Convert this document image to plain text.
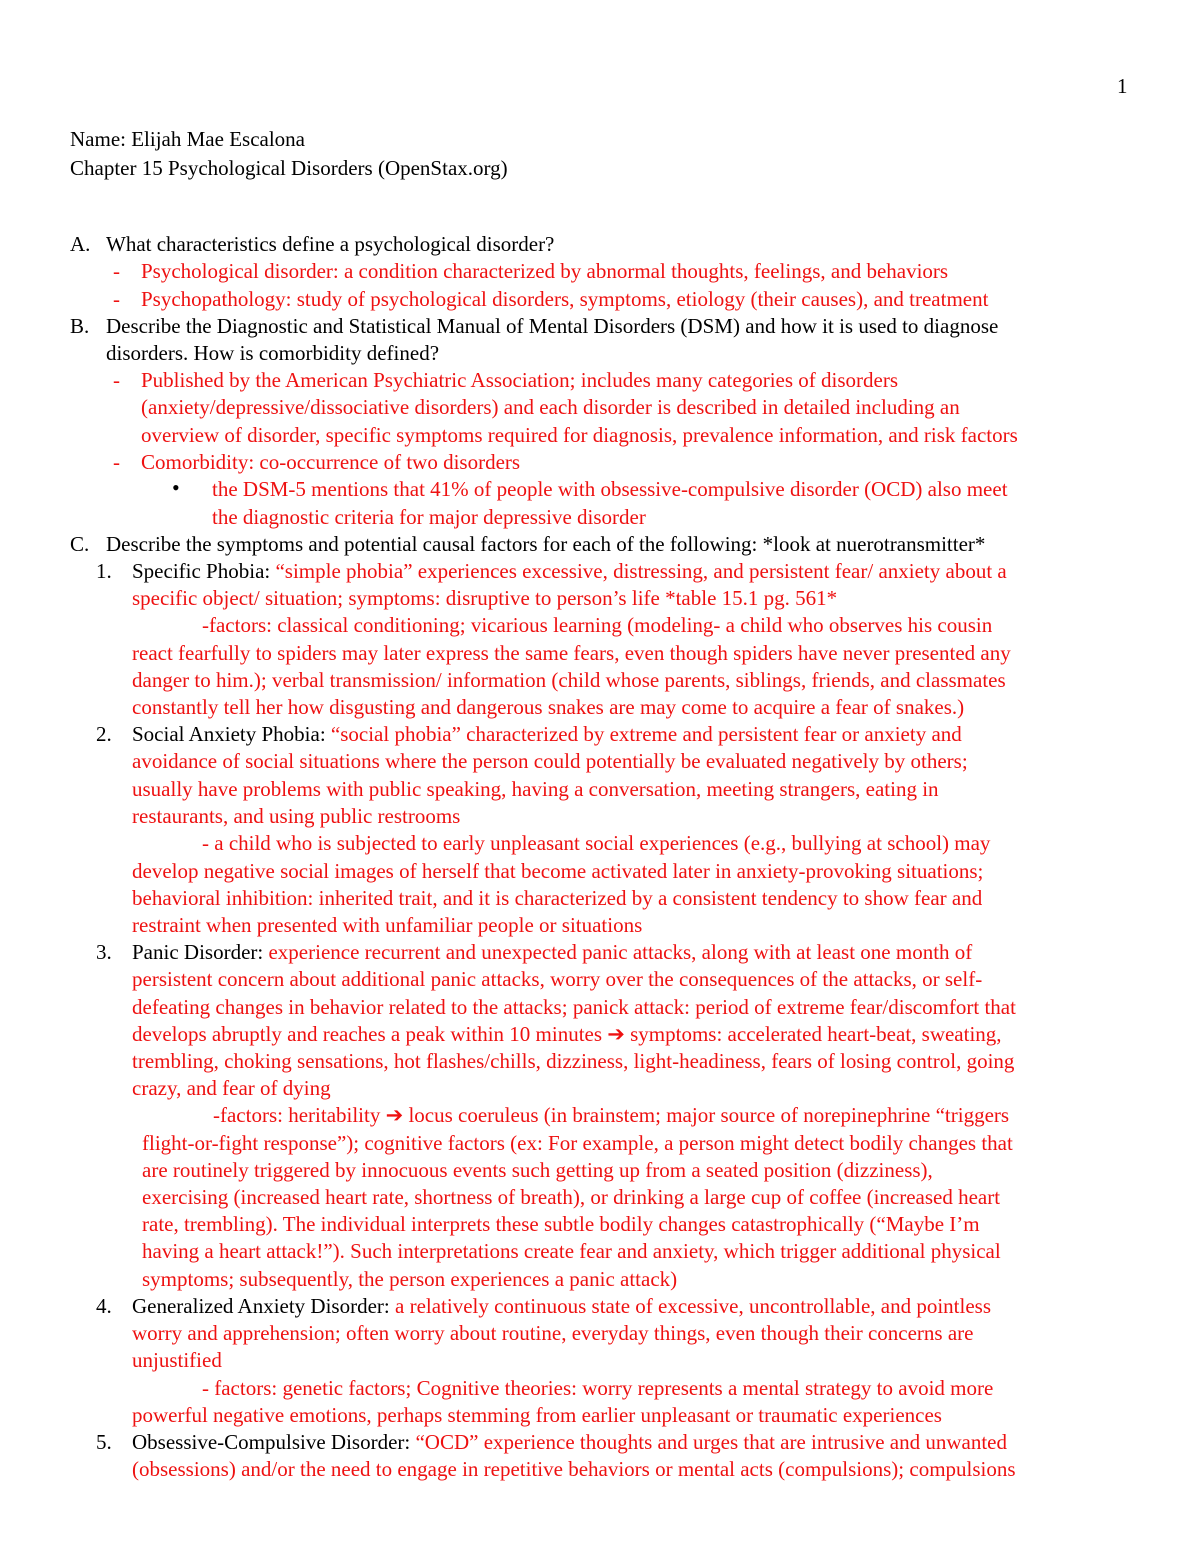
1
Name: Elijah Mae Escalona
Chapter 15 Psychological Disorders (OpenStax.org)
A. What characteristics define a psychological disorder?
- Psychological disorder: a condition characterized by abnormal thoughts, feelings, and behaviors
- Psychopathology: study of psychological disorders, symptoms, etiology (their causes), and treatment
B. Describe the Diagnostic and Statistical Manual of Mental Disorders (DSM) and how it is used to diagnose
disorders. How is comorbidity defined?
- Published by the American Psychiatric Association; includes many categories of disorders
(anxiety/depressive/dissociative disorders) and each disorder is described in detailed including an
overview of disorder, specific symptoms required for diagnosis, prevalence information, and risk factors
- Comorbidity: co-occurrence of two disorders
• the DSM-5 mentions that 41% of people with obsessive-compulsive disorder (OCD) also meet
the diagnostic criteria for major depressive disorder
C. Describe the symptoms and potential causal factors for each of the following: *look at nuerotransmitter*
1. Specific Phobia: “simple phobia” experiences excessive, distressing, and persistent fear/ anxiety about a
specific object/ situation; symptoms: disruptive to person’s life *table 15.1 pg. 561*
-factors: classical conditioning; vicarious learning (modeling- a child who observes his cousin
react fearfully to spiders may later express the same fears, even though spiders have never presented any
danger to him.); verbal transmission/ information (child whose parents, siblings, friends, and classmates
constantly tell her how disgusting and dangerous snakes are may come to acquire a fear of snakes.)
2. Social Anxiety Phobia: “social phobia” characterized by extreme and persistent fear or anxiety and
avoidance of social situations where the person could potentially be evaluated negatively by others;
usually have problems with public speaking, having a conversation, meeting strangers, eating in
restaurants, and using public restrooms
- a child who is subjected to early unpleasant social experiences (e.g., bullying at school) may
develop negative social images of herself that become activated later in anxiety-provoking situations;
behavioral inhibition: inherited trait, and it is characterized by a consistent tendency to show fear and
restraint when presented with unfamiliar people or situations
3. Panic Disorder: experience recurrent and unexpected panic attacks, along with at least one month of
persistent concern about additional panic attacks, worry over the consequences of the attacks, or self-
defeating changes in behavior related to the attacks; panick attack: period of extreme fear/discomfort that
develops abruptly and reaches a peak within 10 minutes ➔ symptoms: accelerated heart-beat, sweating,
trembling, choking sensations, hot flashes/chills, dizziness, light-headiness, fears of losing control, going
crazy, and fear of dying
-factors: heritability ➔ locus coeruleus (in brainstem; major source of norepinephrine “triggers
flight-or-fight response”); cognitive factors (ex: For example, a person might detect bodily changes that
are routinely triggered by innocuous events such getting up from a seated position (dizziness),
exercising (increased heart rate, shortness of breath), or drinking a large cup of coffee (increased heart
rate, trembling). The individual interprets these subtle bodily changes catastrophically (“Maybe I’m
having a heart attack!”). Such interpretations create fear and anxiety, which trigger additional physical
symptoms; subsequently, the person experiences a panic attack)
4. Generalized Anxiety Disorder: a relatively continuous state of excessive, uncontrollable, and pointless
worry and apprehension; often worry about routine, everyday things, even though their concerns are
unjustified
- factors: genetic factors; Cognitive theories: worry represents a mental strategy to avoid more
powerful negative emotions, perhaps stemming from earlier unpleasant or traumatic experiences
5. Obsessive-Compulsive Disorder: “OCD” experience thoughts and urges that are intrusive and unwanted
(obsessions) and/or the need to engage in repetitive behaviors or mental acts (compulsions); compulsions
